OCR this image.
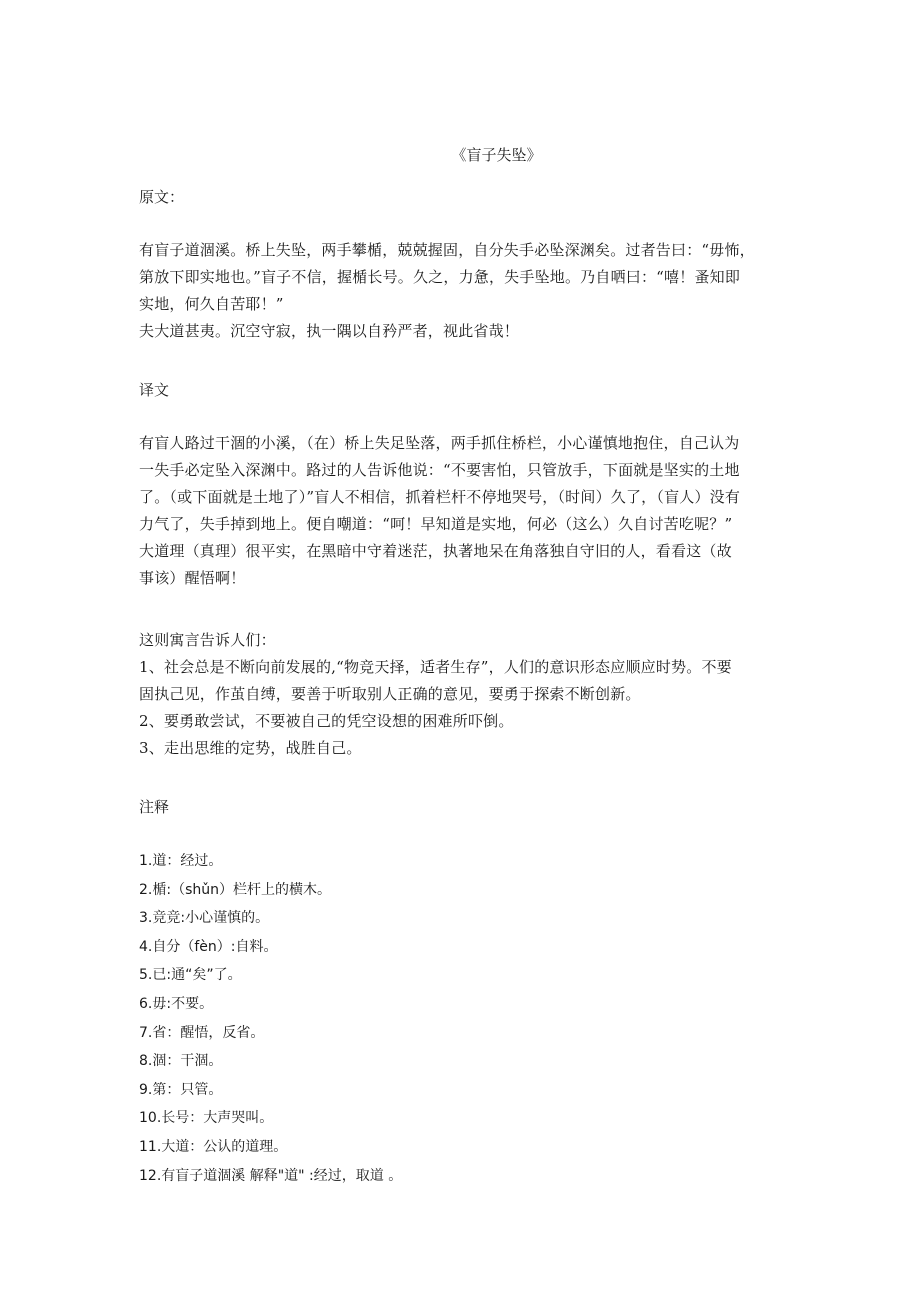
《盲子失坠》
原文：
有盲子道涸溪。桥上失坠，两手攀楯，兢兢握固，自分失手必坠深渊矣。过者告曰：“毋怖，
第放下即实地也。”盲子不信，握楯长号。久之，力惫，失手坠地。乃自哂曰：“嘻！蚤知即
实地，何久自苦耶！”
夫大道甚夷。沉空守寂，执一隅以自矜严者，视此省哉！
译文
有盲人路过干涸的小溪，（在）桥上失足坠落，两手抓住桥栏，小心谨慎地抱住，自己认为
一失手必定坠入深渊中。路过的人告诉他说：“不要害怕，只管放手，下面就是坚实的土地
了。（或下面就是土地了）”盲人不相信，抓着栏杆不停地哭号，（时间）久了，（盲人）没有
力气了，失手掉到地上。便自嘲道：“呵！早知道是实地，何必（这么）久自讨苦吃呢？”
大道理（真理）很平实，在黑暗中守着迷茫，执著地呆在角落独自守旧的人，看看这（故
事该）醒悟啊！
这则寓言告诉人们：
1、社会总是不断向前发展的,“物竞天择，适者生存”，人们的意识形态应顺应时势。不要
固执己见，作茧自缚，要善于听取别人正确的意见，要勇于探索不断创新。
2、要勇敢尝试，不要被自己的凭空设想的困难所吓倒。
3、走出思维的定势，战胜自己。
注释
1.道：经过。
2.楯:（shǔn）栏杆上的横木。
3.竞竞:小心谨慎的。
4.自分（fèn）:自料。
5.已:通“矣”了。
6.毋:不要。
7.省：醒悟，反省。
8.涸：干涸。
9.第：只管。
10.长号：大声哭叫。
11.大道：公认的道理。
12.有盲子道涸溪 解释"道" :经过，取道 。
